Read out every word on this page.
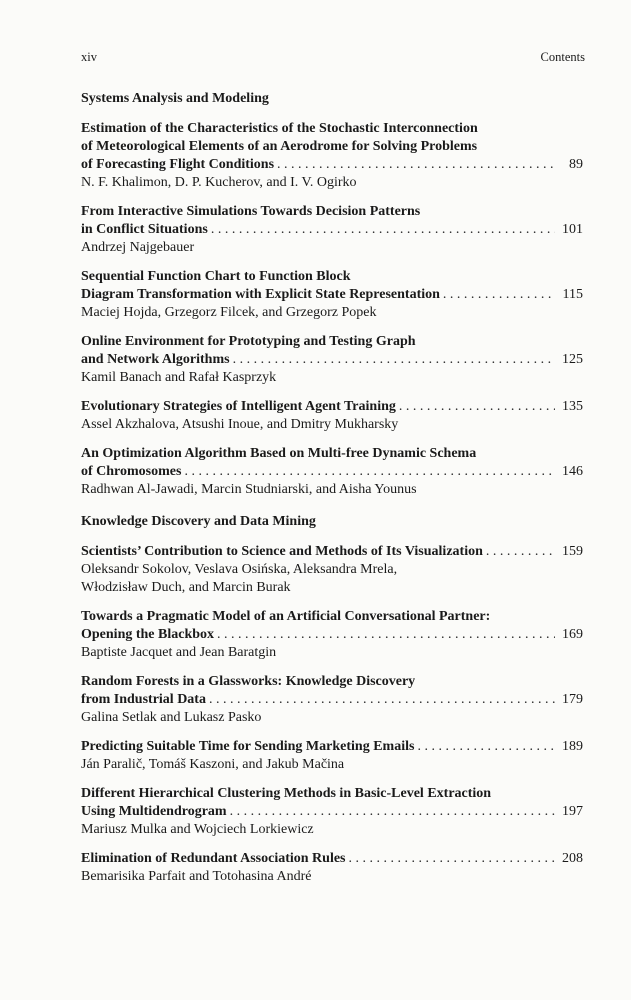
xiv	Contents
Systems Analysis and Modeling
Estimation of the Characteristics of the Stochastic Interconnection
of Meteorological Elements of an Aerodrome for Solving Problems
of Forecasting Flight Conditions . . .	89
N. F. Khalimon, D. P. Kucherov, and I. V. Ogirko
From Interactive Simulations Towards Decision Patterns
in Conflict Situations . . .	101
Andrzej Najgebauer
Sequential Function Chart to Function Block
Diagram Transformation with Explicit State Representation . . .	115
Maciej Hojda, Grzegorz Filcek, and Grzegorz Popek
Online Environment for Prototyping and Testing Graph
and Network Algorithms . . .	125
Kamil Banach and Rafał Kasprzyk
Evolutionary Strategies of Intelligent Agent Training . . .	135
Assel Akzhalova, Atsushi Inoue, and Dmitry Mukharsky
An Optimization Algorithm Based on Multi-free Dynamic Schema
of Chromosomes . . .	146
Radhwan Al-Jawadi, Marcin Studniarski, and Aisha Younus
Knowledge Discovery and Data Mining
Scientists’ Contribution to Science and Methods of Its Visualization . . .	159
Oleksandr Sokolov, Veslava Osińska, Aleksandra Mrela,
Włodzisław Duch, and Marcin Burak
Towards a Pragmatic Model of an Artificial Conversational Partner:
Opening the Blackbox . . .	169
Baptiste Jacquet and Jean Baratgin
Random Forests in a Glassworks: Knowledge Discovery
from Industrial Data . . .	179
Galina Setlak and Lukasz Pasko
Predicting Suitable Time for Sending Marketing Emails . . .	189
Ján Paralič, Tomáš Kaszoni, and Jakub Mačina
Different Hierarchical Clustering Methods in Basic-Level Extraction
Using Multidendrogram . . .	197
Mariusz Mulka and Wojciech Lorkiewicz
Elimination of Redundant Association Rules . . .	208
Bemarisika Parfait and Totohasina André
